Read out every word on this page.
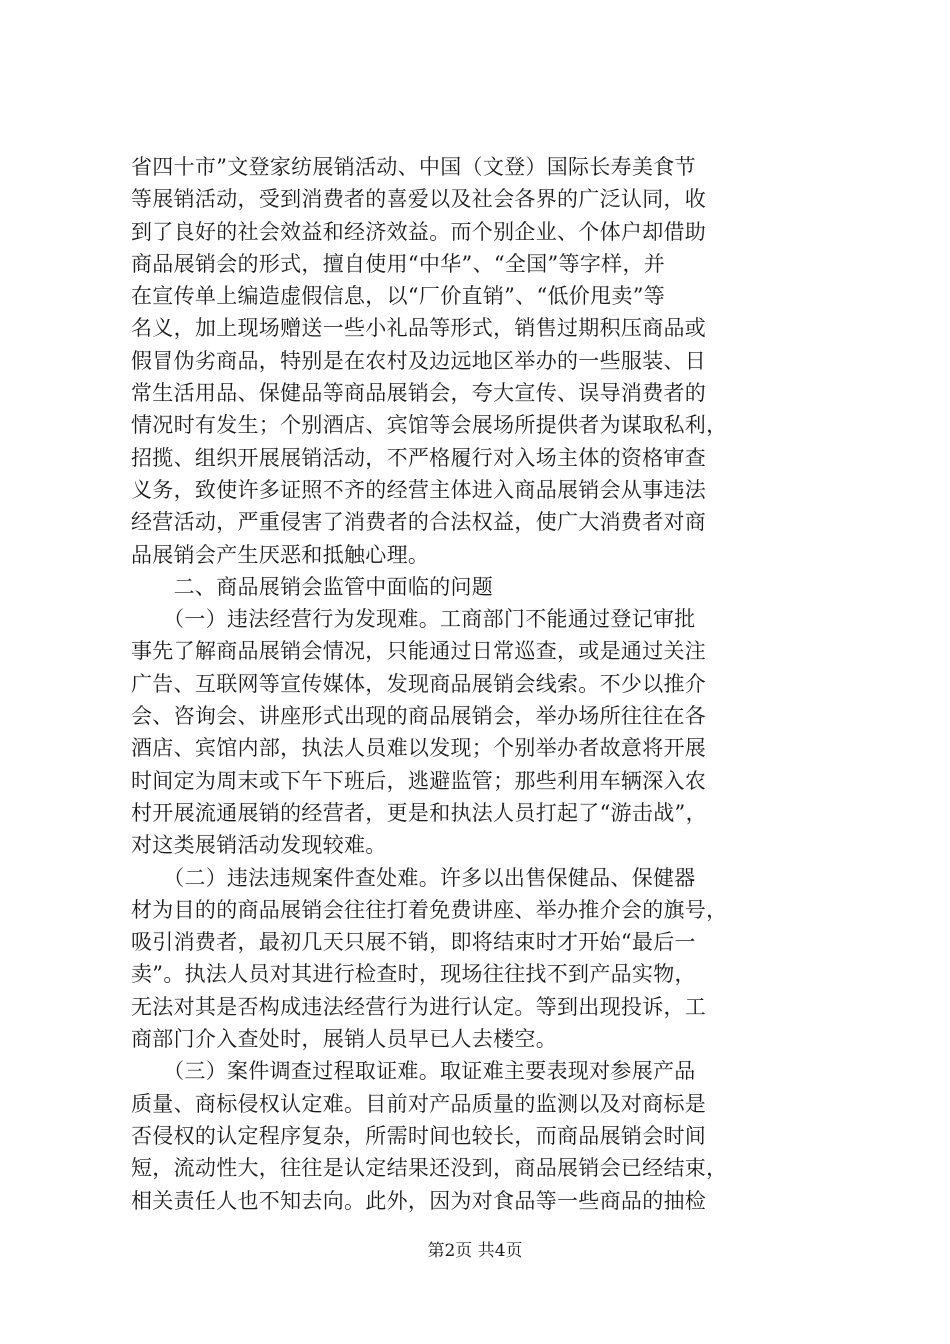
省四十市”文登家纺展销活动、中国（文登）国际长寿美食节
等展销活动，受到消费者的喜爱以及社会各界的广泛认同，收
到了良好的社会效益和经济效益。而个别企业、个体户却借助
商品展销会的形式，擅自使用“中华”、“全国”等字样，并
在宣传单上编造虚假信息，以“厂价直销”、“低价甩卖”等
名义，加上现场赠送一些小礼品等形式，销售过期积压商品或
假冒伪劣商品，特别是在农村及边远地区举办的一些服装、日
常生活用品、保健品等商品展销会，夸大宣传、误导消费者的
情况时有发生；个别酒店、宾馆等会展场所提供者为谋取私利，
招揽、组织开展展销活动，不严格履行对入场主体的资格审查
义务，致使许多证照不齐的经营主体进入商品展销会从事违法
经营活动，严重侵害了消费者的合法权益，使广大消费者对商
品展销会产生厌恶和抵触心理。
　　二、商品展销会监管中面临的问题
　　（一）违法经营行为发现难。工商部门不能通过登记审批
事先了解商品展销会情况，只能通过日常巡查，或是通过关注
广告、互联网等宣传媒体，发现商品展销会线索。不少以推介
会、咨询会、讲座形式出现的商品展销会，举办场所往往在各
酒店、宾馆内部，执法人员难以发现；个别举办者故意将开展
时间定为周末或下午下班后，逃避监管；那些利用车辆深入农
村开展流通展销的经营者，更是和执法人员打起了“游击战”，
对这类展销活动发现较难。
　　（二）违法违规案件查处难。许多以出售保健品、保健器
材为目的的商品展销会往往打着免费讲座、举办推介会的旗号，
吸引消费者，最初几天只展不销，即将结束时才开始“最后一
卖”。执法人员对其进行检查时，现场往往找不到产品实物，
无法对其是否构成违法经营行为进行认定。等到出现投诉，工
商部门介入查处时，展销人员早已人去楼空。
　　（三）案件调查过程取证难。取证难主要表现对参展产品
质量、商标侵权认定难。目前对产品质量的监测以及对商标是
否侵权的认定程序复杂，所需时间也较长，而商品展销会时间
短，流动性大，往往是认定结果还没到，商品展销会已经结束，
相关责任人也不知去向。此外，因为对食品等一些商品的抽检
第2页 共4页
